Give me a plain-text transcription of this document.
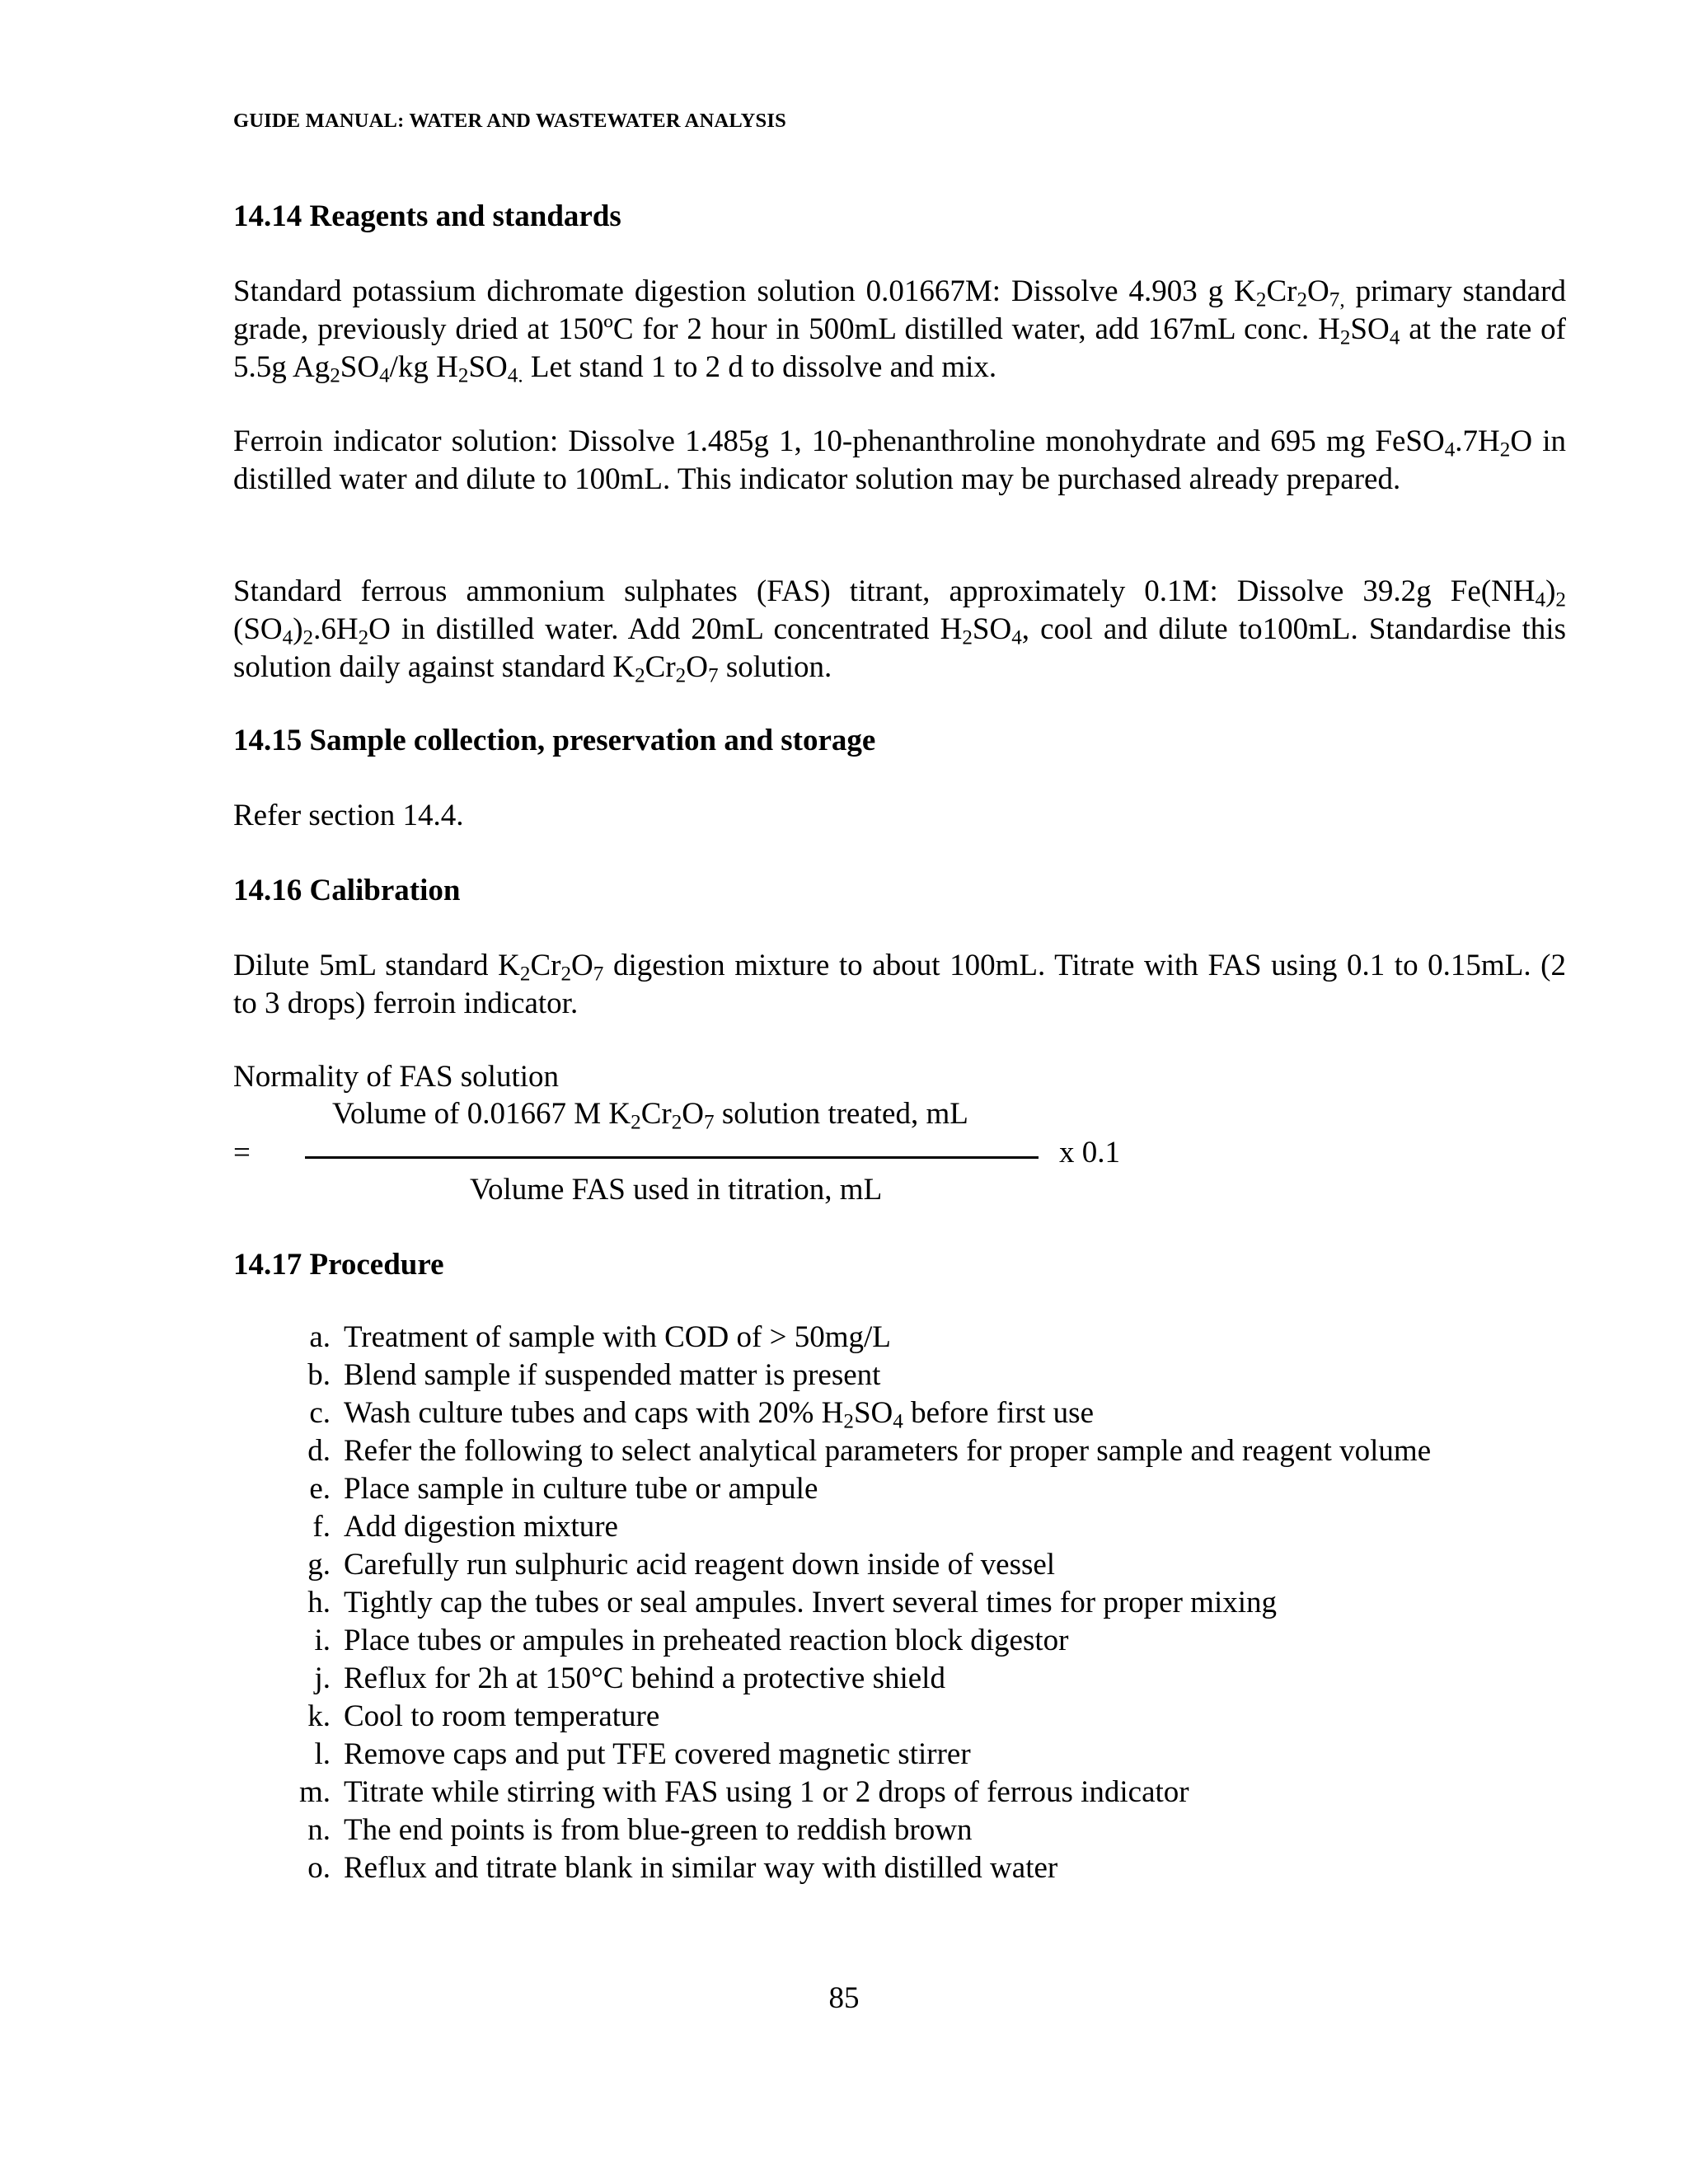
GUIDE MANUAL: WATER AND WASTEWATER ANALYSIS
14.14 Reagents and standards

Standard potassium dichromate digestion solution 0.01667M: Dissolve 4.903 g $K_2Cr_2O_{7,}$ primary standard grade, previously dried at 150ºC for 2 hour in 500mL distilled water, add 167mL conc. $H_2SO_4$ at the rate of 5.5g $Ag_2SO_4/kg$ $H_2SO_{4.}$ Let stand 1 to 2 d to dissolve and mix.

Ferroin indicator solution: Dissolve 1.485g 1, 10-phenanthroline monohydrate and 695 mg $FeSO_4.7H_2O$ in distilled water and dilute to 100mL. This indicator solution may be purchased already prepared.

Standard ferrous ammonium sulphates (FAS) titrant, approximately 0.1M: Dissolve 39.2g $Fe(NH_4)_2$ $(SO_4)_2.6H_2O$ in distilled water. Add 20mL concentrated $H_2SO_4$, cool and dilute to100mL. Standardise this solution daily against standard $K_2Cr_2O_7$ solution.

14.15 Sample collection, preservation and storage

Refer section 14.4.

14.16 Calibration

Dilute 5mL standard $K_2Cr_2O_7$ digestion mixture to about 100mL. Titrate with FAS using 0.1 to 0.15mL. (2 to 3 drops) ferroin indicator.

Normality of FAS solution
Volume of 0.01667 M $K_2Cr_2O_7$ solution treated, mL
=	x 0.1
Volume FAS used in titration, mL
14.17 Procedure
a. Treatment of sample with COD of > 50mg/L
b. Blend sample if suspended matter is present
c. Wash culture tubes and caps with 20% $H_2SO_4$ before first use
d. Refer the following to select analytical parameters for proper sample and reagent volume
e. Place sample in culture tube or ampule
f. Add digestion mixture
g. Carefully run sulphuric acid reagent down inside of vessel
h. Tightly cap the tubes or seal ampules. Invert several times for proper mixing
i. Place tubes or ampules in preheated reaction block digestor
j. Reflux for 2h at 150°C behind a protective shield
k. Cool to room temperature
l. Remove caps and put TFE covered magnetic stirrer
m. Titrate while stirring with FAS using 1 or 2 drops of ferrous indicator
n. The end points is from blue-green to reddish brown
o. Reflux and titrate blank in similar way with distilled water
85
